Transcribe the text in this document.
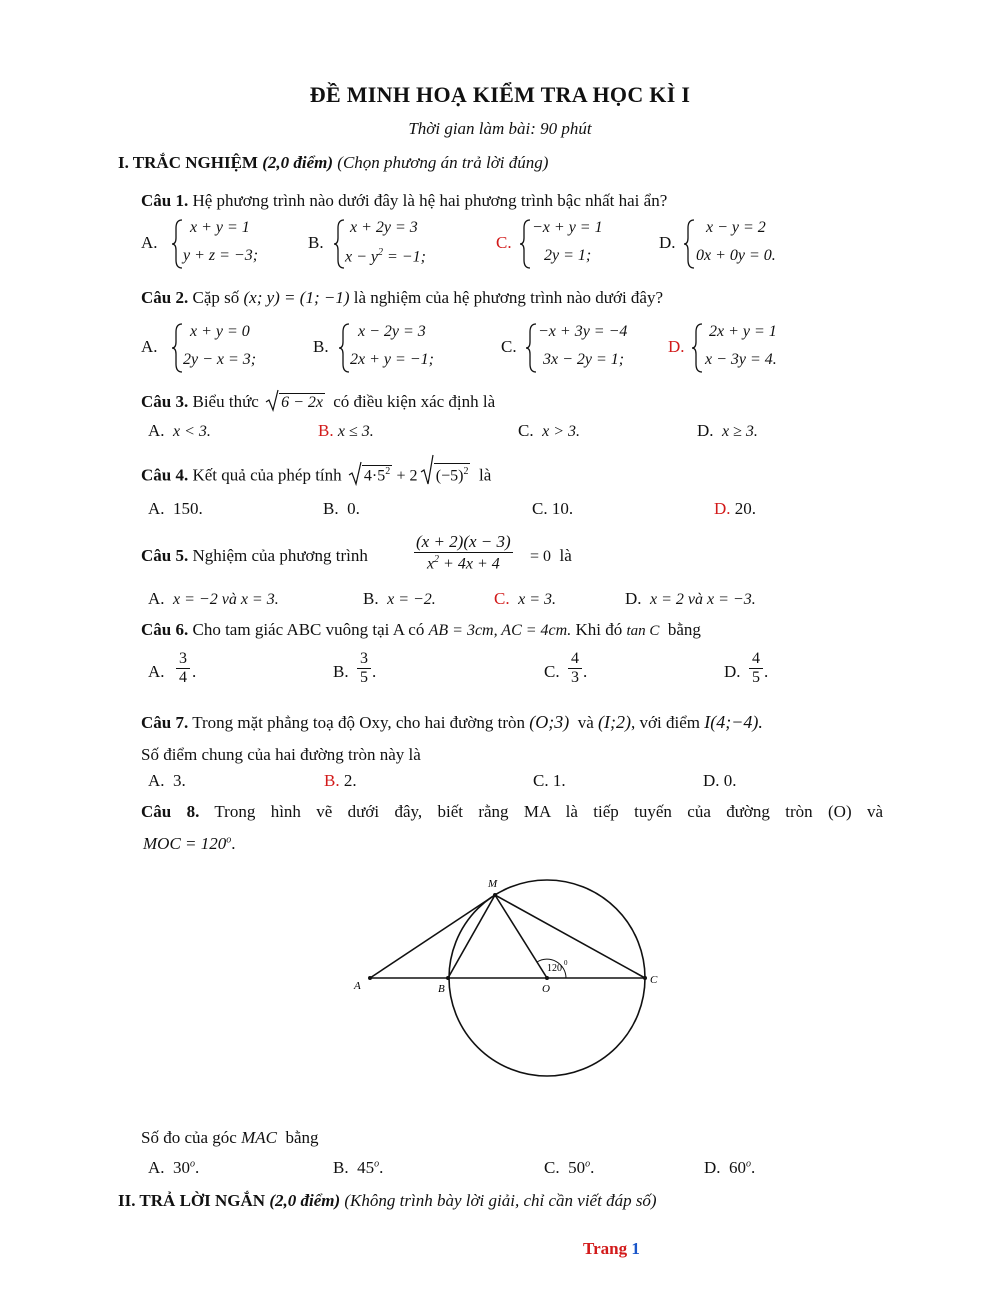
ĐỀ MINH HOẠ KIỂM TRA HỌC KÌ I
Thời gian làm bài: 90 phút
I. TRẮC NGHIỆM (2,0 điểm) (Chọn phương án trả lời đúng)
Câu 1. Hệ phương trình nào dưới đây là hệ hai phương trình bậc nhất hai ẩn?
A.
x + y = 1
y + z = −3;
B.
x + 2y = 3
$x - y^2 = -1$;
C.
−x + y = 1
2y = 1;
D.
x − y = 2
0x + 0y = 0.
Câu 2. Cặp số (x; y) = (1; −1) là nghiệm của hệ phương trình nào dưới đây?
A.
x + y = 0
2y − x = 3;
B.
x − 2y = 3
2x + y = −1;
C.
−x + 3y = −4
3x − 2y = 1;
D.
2x + y = 1
x − 3y = 4.
Câu 3. Biểu thức 6 − 2x có điều kiện xác định là
A. x < 3.	B. x ≤ 3.	C. x > 3.	D. x ≥ 3.
Câu 4. Kết quả của phép tính $4\cdot 5^2 + 2$ $(-5)^2$ là
A. 150.	B. 0.	C. 10.	D. 20.
Câu 5. Nghiệm của phương trình
(x + 2)(x − 3)
$x^2 + 4x + 4$	= 0 là
A. x = −2 và x = 3.	B. x = −2.	C. x = 3.	D. x = 2 và x = −3.
Câu 6. Cho tam giác ABC vuông tại A có AB = 3cm, AC = 4cm. Khi đó tan C bằng
A.
3
4 .	B.
3
5 .	C.
4
3 .	D.
4
5 .
Câu 7. Trong mặt phẳng toạ độ Oxy, cho hai đường tròn (O;3) và (I;2), với điểm I(4;−4).
Số điểm chung của hai đường tròn này là
A. 3.	B. 2.	C. 1.	D. 0.
Câu 8. Trong hình vẽ dưới đây, biết rằng MA là tiếp tuyến của đường tròn (O) và
MOC = $120^o$.
M
A	B	O
C
120 0
Số đo của góc MAC bằng
A. 30$^o$.	B. 45$^o$.	C. 50$^o$.	D. 60$^o$.
II. TRẢ LỜI NGẮN (2,0 điểm) (Không trình bày lời giải, chỉ cần viết đáp số)
Trang 1
